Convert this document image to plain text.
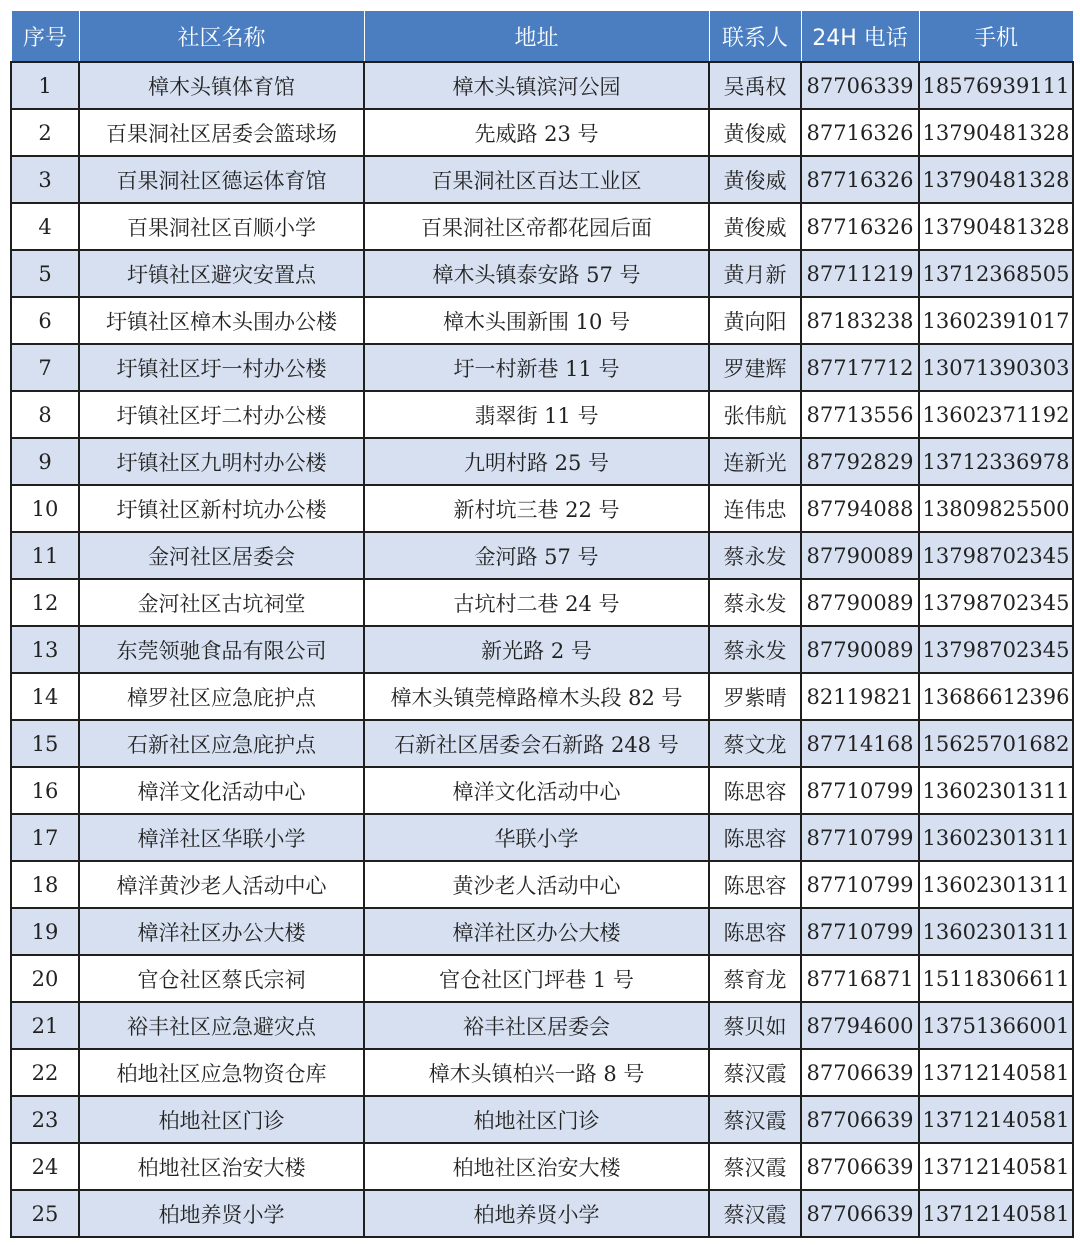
序号	社区名称	地址	联系人	24H 电话	手机
1	樟木头镇体育馆	樟木头镇滨河公园	吴禹权	87706339	18576939111
2	百果洞社区居委会篮球场	先威路 23 号	黄俊威	87716326	13790481328
3	百果洞社区德运体育馆	百果洞社区百达工业区	黄俊威	87716326	13790481328
4	百果洞社区百顺小学	百果洞社区帝都花园后面	黄俊威	87716326	13790481328
5	圩镇社区避灾安置点	樟木头镇泰安路 57 号	黄月新	87711219	13712368505
6	圩镇社区樟木头围办公楼	樟木头围新围 10 号	黄向阳	87183238	13602391017
7	圩镇社区圩一村办公楼	圩一村新巷 11 号	罗建辉	87717712	13071390303
8	圩镇社区圩二村办公楼	翡翠街 11 号	张伟航	87713556	13602371192
9	圩镇社区九明村办公楼	九明村路 25 号	连新光	87792829	13712336978
10	圩镇社区新村坑办公楼	新村坑三巷 22 号	连伟忠	87794088	13809825500
11	金河社区居委会	金河路 57 号	蔡永发	87790089	13798702345
12	金河社区古坑祠堂	古坑村二巷 24 号	蔡永发	87790089	13798702345
13	东莞领驰食品有限公司	新光路 2 号	蔡永发	87790089	13798702345
14	樟罗社区应急庇护点	樟木头镇莞樟路樟木头段 82 号	罗紫晴	82119821	13686612396
15	石新社区应急庇护点	石新社区居委会石新路 248 号	蔡文龙	87714168	15625701682
16	樟洋文化活动中心	樟洋文化活动中心	陈思容	87710799	13602301311
17	樟洋社区华联小学	华联小学	陈思容	87710799	13602301311
18	樟洋黄沙老人活动中心	黄沙老人活动中心	陈思容	87710799	13602301311
19	樟洋社区办公大楼	樟洋社区办公大楼	陈思容	87710799	13602301311
20	官仓社区蔡氏宗祠	官仓社区门坪巷 1 号	蔡育龙	87716871	15118306611
21	裕丰社区应急避灾点	裕丰社区居委会	蔡贝如	87794600	13751366001
22	柏地社区应急物资仓库	樟木头镇柏兴一路 8 号	蔡汉霞	87706639	13712140581
23	柏地社区门诊	柏地社区门诊	蔡汉霞	87706639	13712140581
24	柏地社区治安大楼	柏地社区治安大楼	蔡汉霞	87706639	13712140581
25	柏地养贤小学	柏地养贤小学	蔡汉霞	87706639	13712140581
